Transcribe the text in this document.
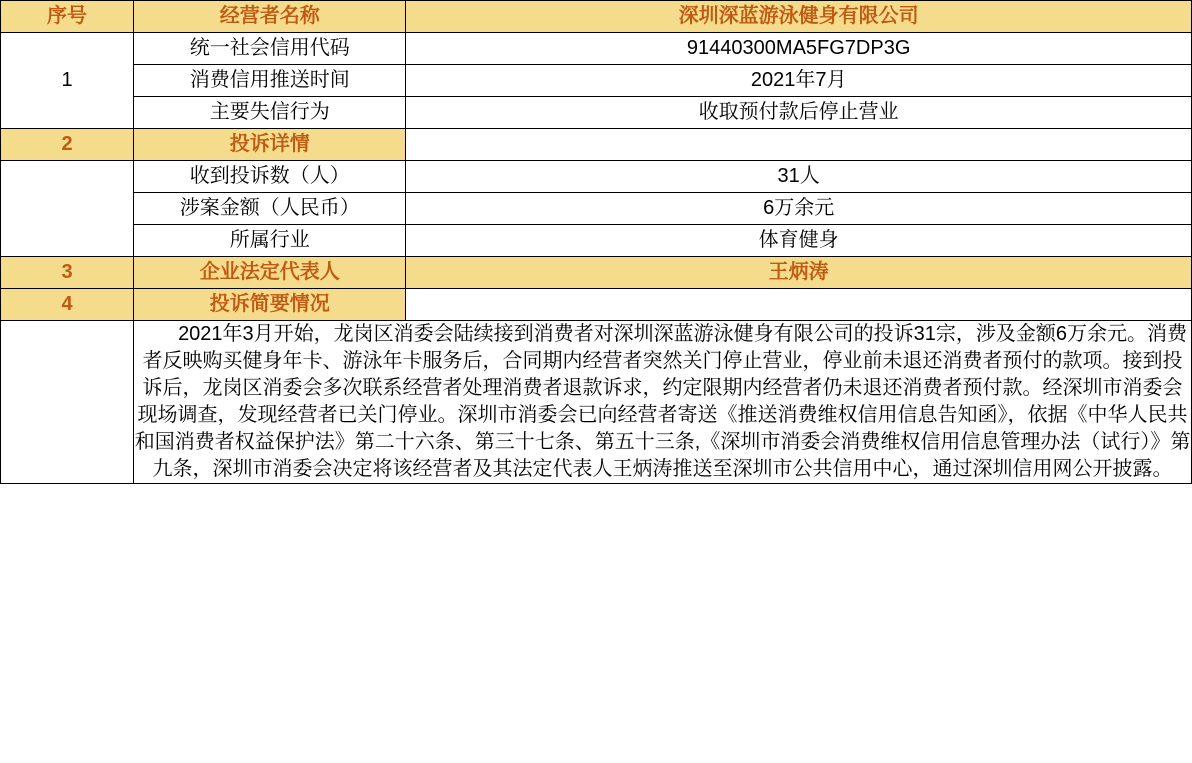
序号	经营者名称	深圳深蓝游泳健身有限公司
1	统一社会信用代码	91440300MA5FG7DP3G
	消费信用推送时间	2021年7月
	主要失信行为	收取预付款后停止营业
2	投诉详情	
	收到投诉数（人）	31人
	涉案金额（人民币）	6万余元
	所属行业	体育健身
3	企业法定代表人	王炳涛
4	投诉简要情况	

	2021年3月开始，龙岗区消委会陆续接到消费者对深圳深蓝游泳健身有限公司的投诉31宗，涉及金额6万余元。消费者反映购买健身年卡、游泳年卡服务后，合同期内经营者突然关门停止营业，停业前未退还消费者预付的款项。接到投诉后，龙岗区消委会多次联系经营者处理消费者退款诉求，约定限期内经营者仍未退还消费者预付款。经深圳市消委会现场调查，发现经营者已关门停业。深圳市消委会已向经营者寄送《推送消费维权信用信息告知函》，依据《中华人民共和国消费者权益保护法》第二十六条、第三十七条、第五十三条,《深圳市消委会消费维权信用信息管理办法（试行）》第九条，深圳市消委会决定将该经营者及其法定代表人王炳涛推送至深圳市公共信用中心，通过深圳信用网公开披露。	
